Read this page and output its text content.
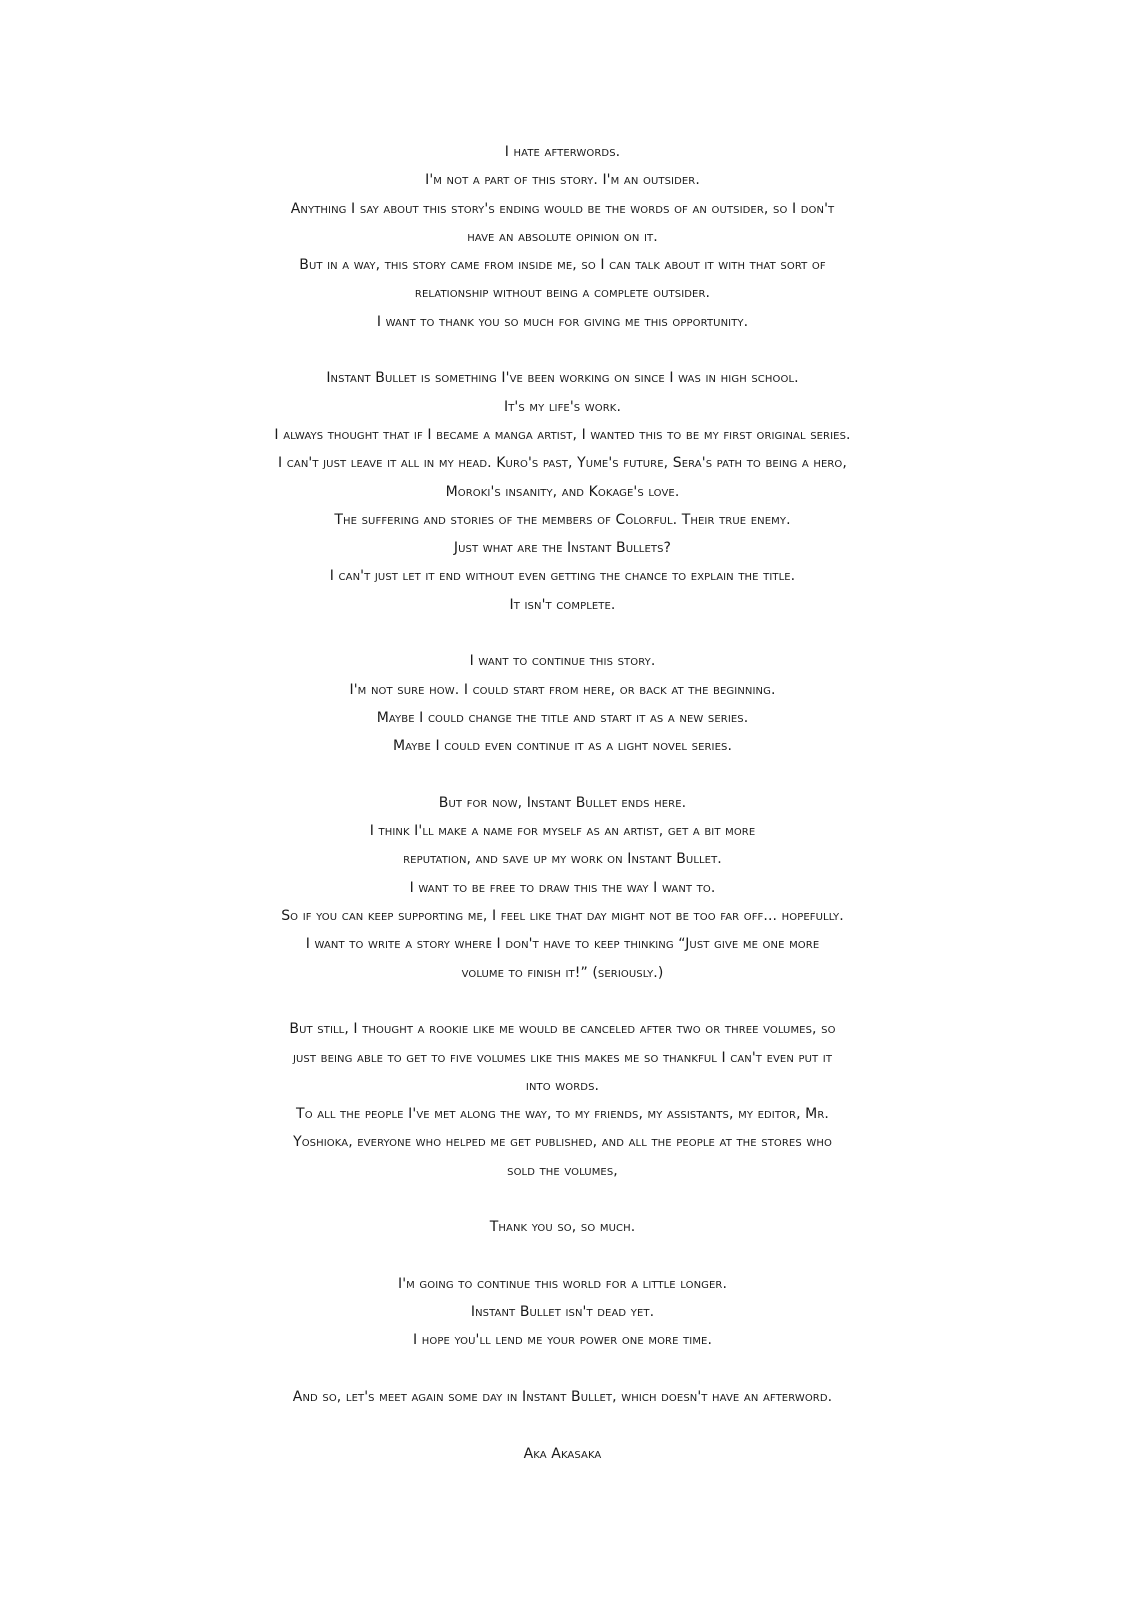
I hate afterwords.
I'm not a part of this story. I'm an outsider.
Anything I say about this story's ending would be the words of an outsider, so I don't
have an absolute opinion on it.
But in a way, this story came from inside me, so I can talk about it with that sort of
relationship without being a complete outsider.
I want to thank you so much for giving me this opportunity.
Instant Bullet is something I've been working on since I was in high school.
It's my life's work.
I always thought that if I became a manga artist, I wanted this to be my first original series.
I can't just leave it all in my head. Kuro's past, Yume's future, Sera's path to being a hero,
Moroki's insanity, and Kokage's love.
The suffering and stories of the members of Colorful. Their true enemy.
Just what are the Instant Bullets?
I can't just let it end without even getting the chance to explain the title.
It isn't complete.
I want to continue this story.
I'm not sure how. I could start from here, or back at the beginning.
Maybe I could change the title and start it as a new series.
Maybe I could even continue it as a light novel series.
But for now, Instant Bullet ends here.
I think I'll make a name for myself as an artist, get a bit more
reputation, and save up my work on Instant Bullet.
I want to be free to draw this the way I want to.
So if you can keep supporting me, I feel like that day might not be too far off... hopefully.
I want to write a story where I don't have to keep thinking “Just give me one more
volume to finish it!” (seriously.)
But still, I thought a rookie like me would be canceled after two or three volumes, so
just being able to get to five volumes like this makes me so thankful I can't even put it
into words.
To all the people I've met along the way, to my friends, my assistants, my editor, Mr.
Yoshioka, everyone who helped me get published, and all the people at the stores who
sold the volumes,
Thank you so, so much.
I'm going to continue this world for a little longer.
Instant Bullet isn't dead yet.
I hope you'll lend me your power one more time.
And so, let's meet again some day in Instant Bullet, which doesn't have an afterword.
Aka Akasaka
